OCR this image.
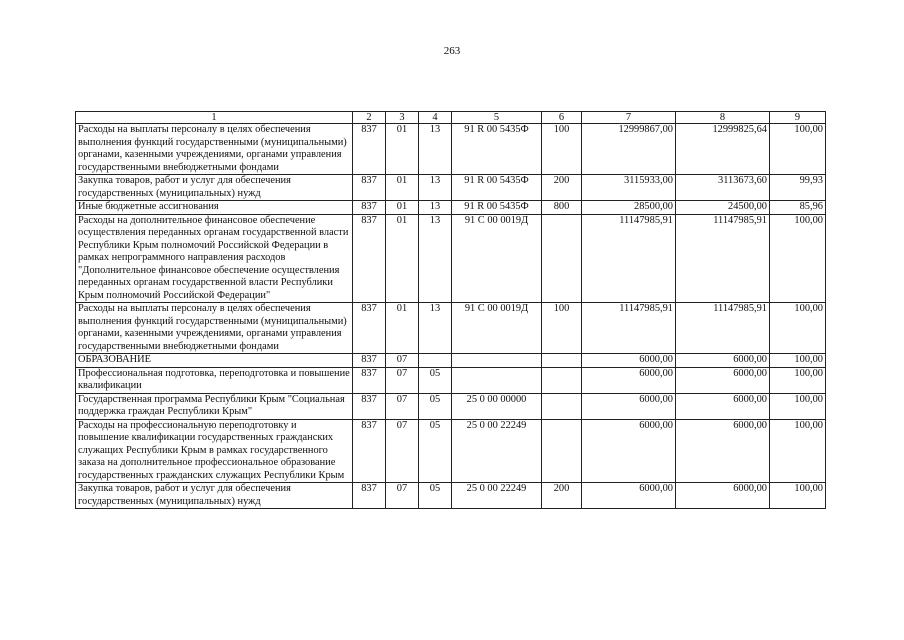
263
1	2	3	4	5	6	7	8	9
Расходы на выплаты персоналу в целях обеспечения выполнения функций государственными (муниципальными) органами, казенными учреждениями, органами управления государственными внебюджетными фондами	837	01	13	91 R 00 5435Ф	100	12999867,00	12999825,64	100,00
Закупка товаров, работ и услуг для обеспечения государственных (муниципальных) нужд	837	01	13	91 R 00 5435Ф	200	3115933,00	3113673,60	99,93
Иные бюджетные ассигнования	837	01	13	91 R 00 5435Ф	800	28500,00	24500,00	85,96
Расходы на дополнительное финансовое обеспечение осуществления переданных органам государственной власти Республики Крым полномочий Российской Федерации в рамках непрограммного направления расходов "Дополнительное финансовое обеспечение осуществления переданных органам государственной власти Республики Крым полномочий Российской Федерации"	837	01	13	91 C 00 0019Д		11147985,91	11147985,91	100,00
Расходы на выплаты персоналу в целях обеспечения выполнения функций государственными (муниципальными) органами, казенными учреждениями, органами управления государственными внебюджетными фондами	837	01	13	91 C 00 0019Д	100	11147985,91	11147985,91	100,00
ОБРАЗОВАНИЕ	837	07				6000,00	6000,00	100,00
Профессиональная подготовка, переподготовка и повышение квалификации	837	07	05			6000,00	6000,00	100,00
Государственная программа Республики Крым "Социальная поддержка граждан Республики Крым"	837	07	05	25 0 00 00000		6000,00	6000,00	100,00
Расходы на профессиональную переподготовку и повышение квалификации государственных гражданских служащих Республики Крым в рамках государственного заказа на дополнительное профессиональное образование государственных гражданских служащих Республики Крым	837	07	05	25 0 00 22249		6000,00	6000,00	100,00
Закупка товаров, работ и услуг для обеспечения государственных (муниципальных) нужд	837	07	05	25 0 00 22249	200	6000,00	6000,00	100,00
